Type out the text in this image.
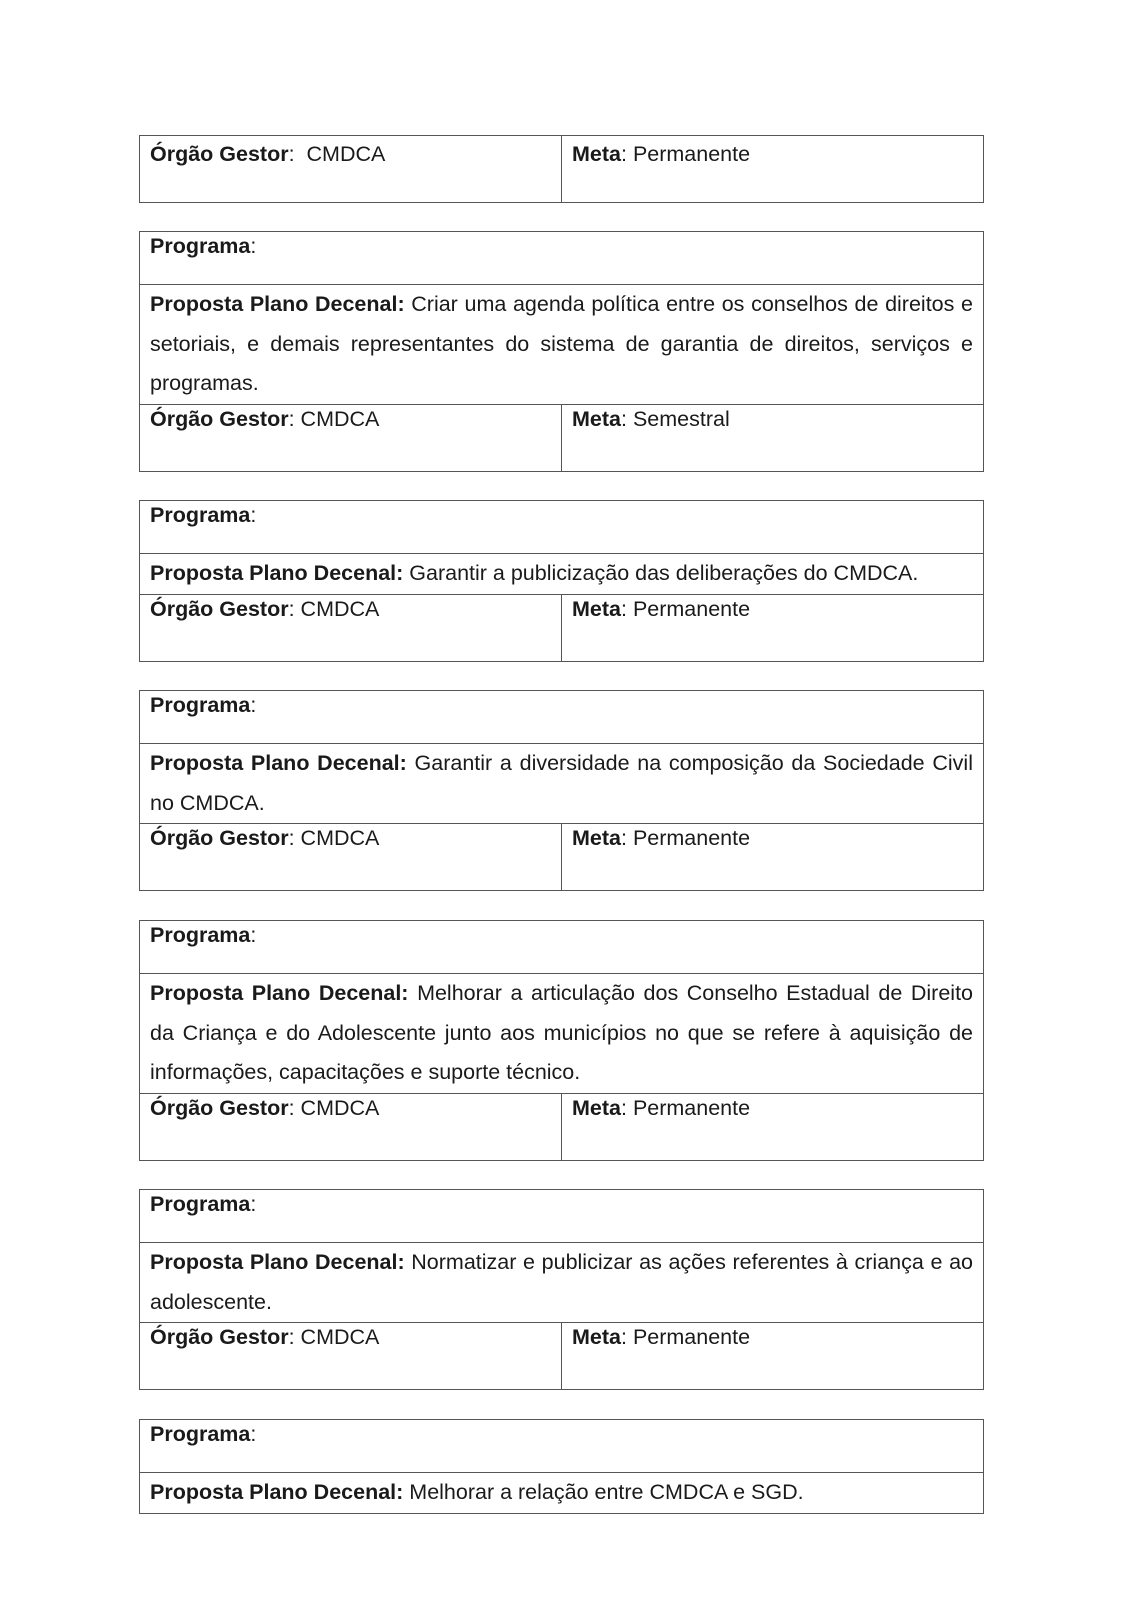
Órgão Gestor:  CMDCA	Meta: Permanente
Programa:
Proposta Plano Decenal: Criar uma agenda política entre os conselhos de direitos e setoriais, e demais representantes do sistema de garantia de direitos, serviços e programas.
Órgão Gestor: CMDCA	Meta: Semestral
Programa:
Proposta Plano Decenal: Garantir a publicização das deliberações do CMDCA.
Órgão Gestor: CMDCA	Meta: Permanente
Programa:
Proposta Plano Decenal: Garantir a diversidade na composição da Sociedade Civil no CMDCA.
Órgão Gestor: CMDCA	Meta: Permanente
Programa:
Proposta Plano Decenal: Melhorar a articulação dos Conselho Estadual de Direito da Criança e do Adolescente junto aos municípios no que se refere à aquisição de informações, capacitações e suporte técnico.
Órgão Gestor: CMDCA	Meta: Permanente
Programa:
Proposta Plano Decenal: Normatizar e publicizar as ações referentes à criança e ao adolescente.
Órgão Gestor: CMDCA	Meta: Permanente
Programa:
Proposta Plano Decenal: Melhorar a relação entre CMDCA e SGD.
